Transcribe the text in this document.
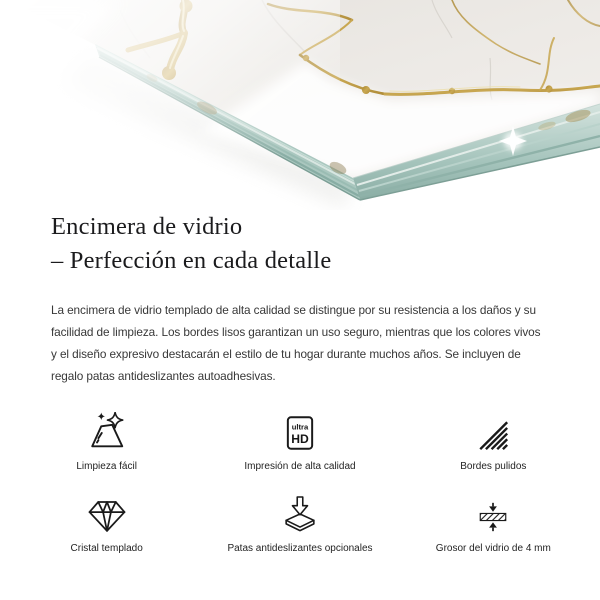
Encimera de vidrio
– Perfección en cada detalle

La encimera de vidrio templado de alta calidad se distingue por su resistencia a los daños y su facilidad de limpieza. Los bordes lisos garantizan un uso seguro, mientras que los colores vivos y el diseño expresivo destacarán el estilo de tu hogar durante muchos años. Se incluyen de regalo patas antideslizantes autoadhesivas.

Limpieza fácil
ultra
HD
Impresión de alta calidad	Bordes pulidos
Cristal templado	Patas antideslizantes opcionales	Grosor del vidrio de 4 mm
